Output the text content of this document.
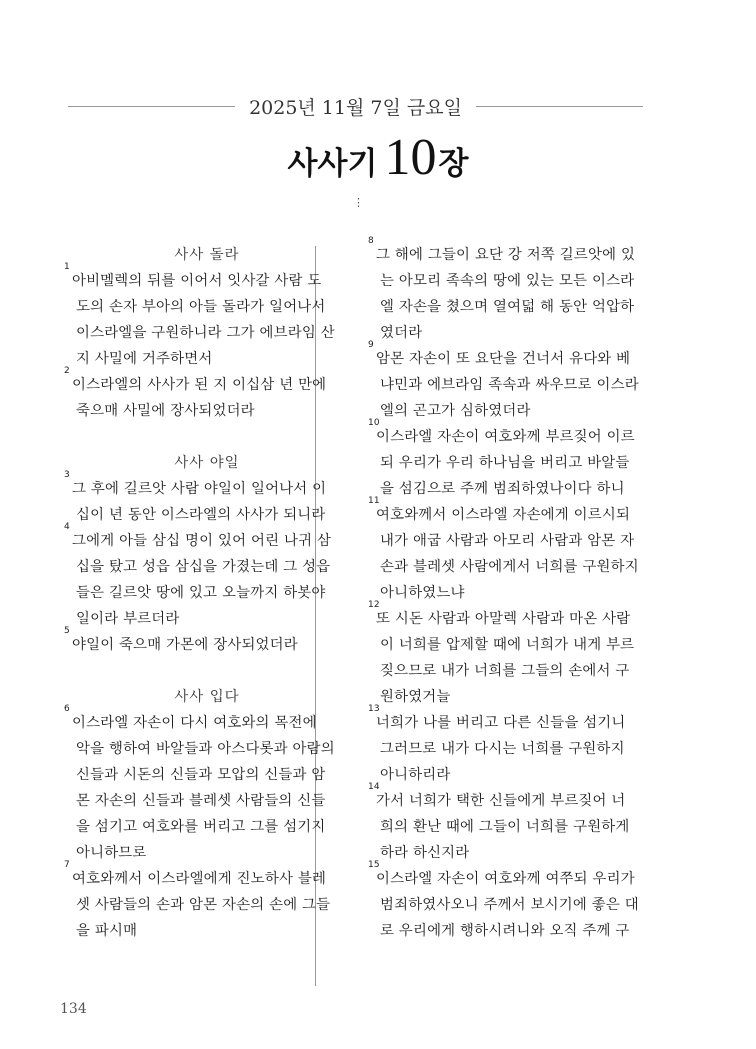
2025년 11월 7일 금요일
사사기 10장
⋮
사사 돌라
1
아비멜렉의 뒤를 이어서 잇사갈 사람 도
도의 손자 부아의 아들 돌라가 일어나서
이스라엘을 구원하니라 그가 에브라임 산
지 사밀에 거주하면서
2
이스라엘의 사사가 된 지 이십삼 년 만에
죽으매 사밀에 장사되었더라
사사 야일
3
그 후에 길르앗 사람 야일이 일어나서 이
십이 년 동안 이스라엘의 사사가 되니라
4
그에게 아들 삼십 명이 있어 어린 나귀 삼
십을 탔고 성읍 삼십을 가졌는데 그 성읍
들은 길르앗 땅에 있고 오늘까지 하봇야
일이라 부르더라
5
야일이 죽으매 가몬에 장사되었더라
사사 입다
6
이스라엘 자손이 다시 여호와의 목전에
악을 행하여 바알들과 아스다롯과 아람의
신들과 시돈의 신들과 모압의 신들과 암
몬 자손의 신들과 블레셋 사람들의 신들
을 섬기고 여호와를 버리고 그를 섬기지
아니하므로
7
여호와께서 이스라엘에게 진노하사 블레
셋 사람들의 손과 암몬 자손의 손에 그들
을 파시매
8
그 해에 그들이 요단 강 저쪽 길르앗에 있
는 아모리 족속의 땅에 있는 모든 이스라
엘 자손을 쳤으며 열여덟 해 동안 억압하
였더라
9
암몬 자손이 또 요단을 건너서 유다와 베
냐민과 에브라임 족속과 싸우므로 이스라
엘의 곤고가 심하였더라
10
이스라엘 자손이 여호와께 부르짖어 이르
되 우리가 우리 하나님을 버리고 바알들
을 섬김으로 주께 범죄하였나이다 하니
11
여호와께서 이스라엘 자손에게 이르시되
내가 애굽 사람과 아모리 사람과 암몬 자
손과 블레셋 사람에게서 너희를 구원하지
아니하였느냐
12
또 시돈 사람과 아말렉 사람과 마온 사람
이 너희를 압제할 때에 너희가 내게 부르
짖으므로 내가 너희를 그들의 손에서 구
원하였거늘
13
너희가 나를 버리고 다른 신들을 섬기니
그러므로 내가 다시는 너희를 구원하지
아니하리라
14
가서 너희가 택한 신들에게 부르짖어 너
희의 환난 때에 그들이 너희를 구원하게
하라 하신지라
15
이스라엘 자손이 여호와께 여쭈되 우리가
범죄하였사오니 주께서 보시기에 좋은 대
로 우리에게 행하시려니와 오직 주께 구
134
